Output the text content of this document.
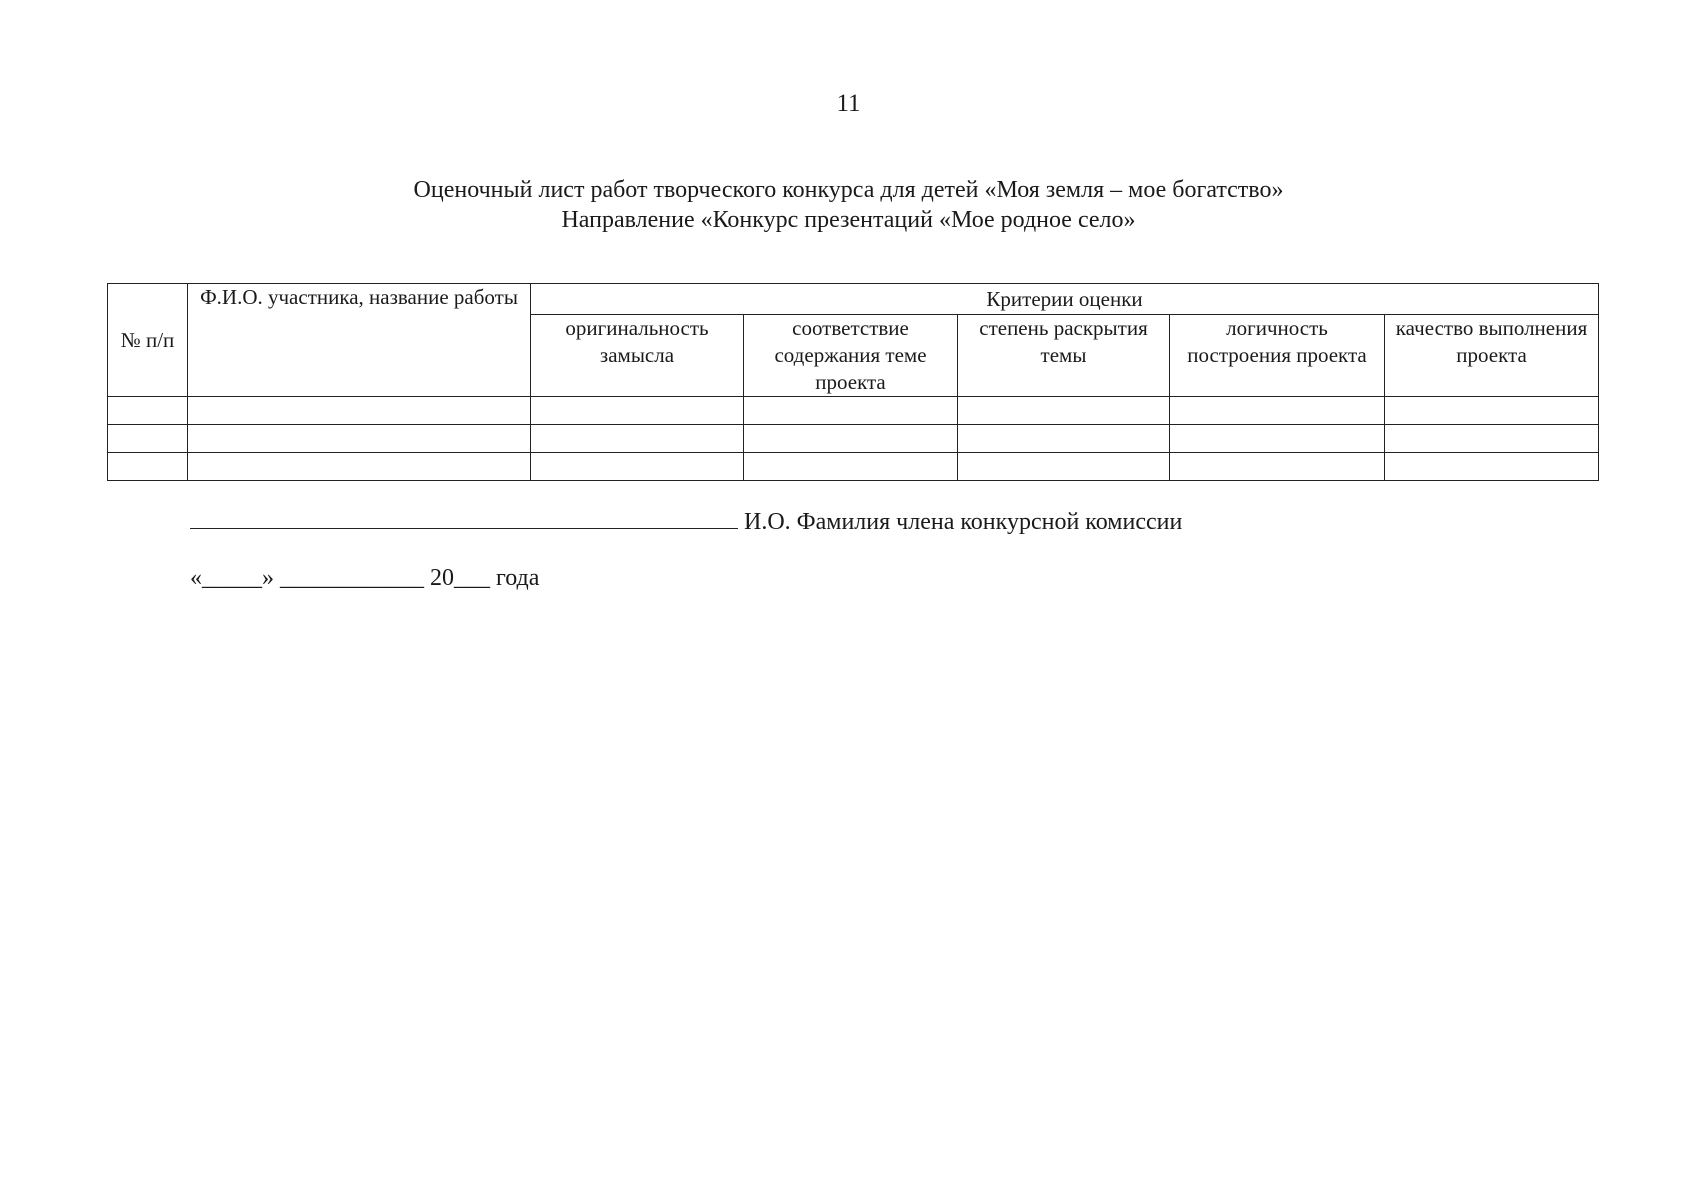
11
Оценочный лист работ творческого конкурса для детей «Моя земля – мое богатство»
Направление «Конкурс презентаций «Мое родное село»
№ п/п	Ф.И.О. участника, название работы	Критерии оценки				
		оригинальность замысла	соответствие содержания теме проекта	степень раскрытия темы	логичность построения проекта	качество выполнения проекта

И.О. Фамилия члена конкурсной комиссии
«_____» ____________ 20___ года
